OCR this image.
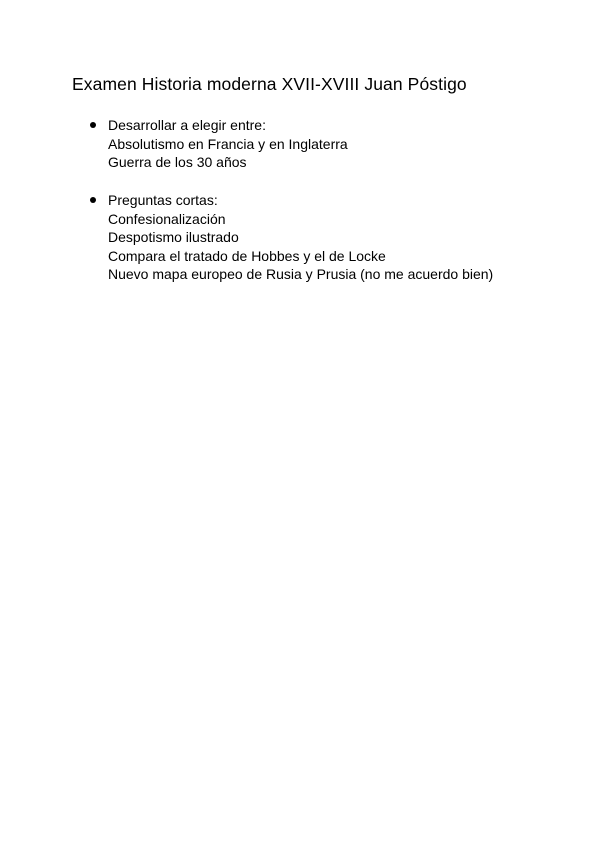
Examen Historia moderna XVII-XVIII Juan Póstigo
Desarrollar a elegir entre:
Absolutismo en Francia y en Inglaterra
Guerra de los 30 años
Preguntas cortas:
Confesionalización
Despotismo ilustrado
Compara el tratado de Hobbes y el de Locke
Nuevo mapa europeo de Rusia y Prusia (no me acuerdo bien)
